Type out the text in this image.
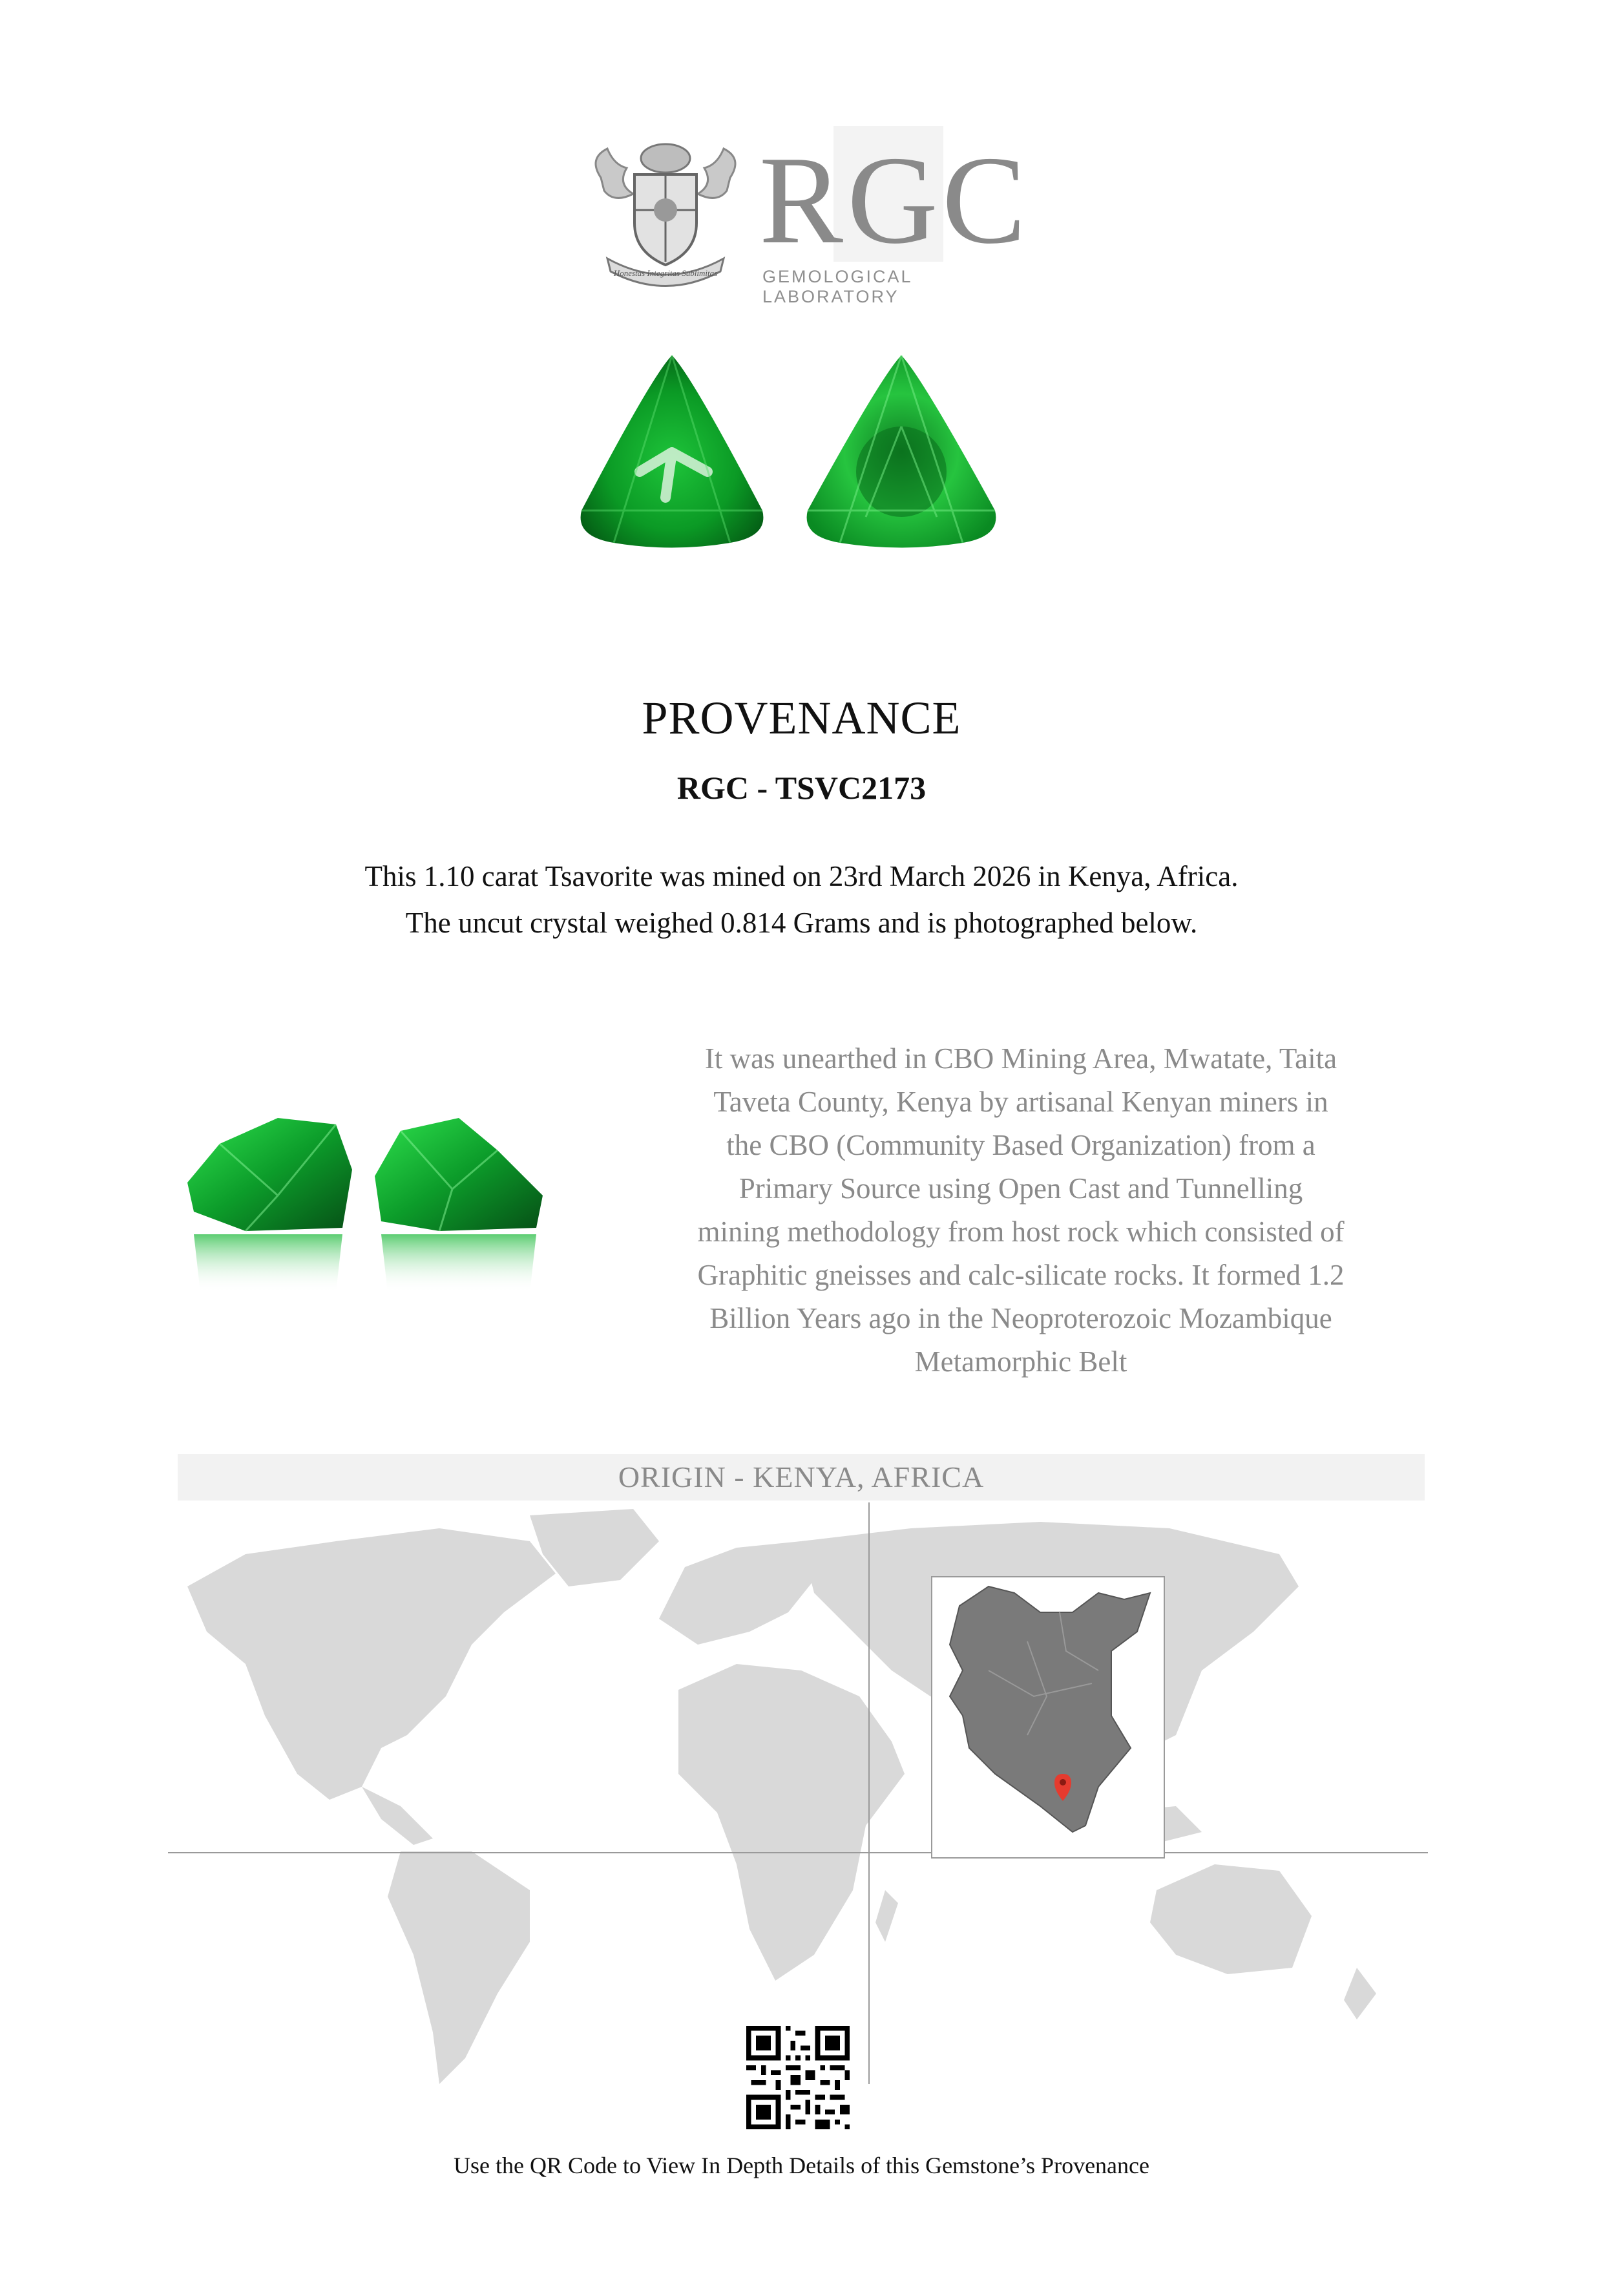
Honestas Integritas Sublimitas
RGC
GEMOLOGICAL LABORATORY
PROVENANCE
RGC - TSVC2173
This 1.10 carat Tsavorite was mined on 23rd March 2026 in Kenya, Africa.
The uncut crystal weighed 0.814 Grams and is photographed below.
It was unearthed in CBO Mining Area, Mwatate, Taita
Taveta County, Kenya by artisanal Kenyan miners in
the CBO (Community Based Organization) from a
Primary Source using Open Cast and Tunnelling
mining methodology from host rock which consisted of
Graphitic gneisses and calc-silicate rocks. It formed 1.2
Billion Years ago in the Neoproterozoic Mozambique
Metamorphic Belt
ORIGIN - KENYA, AFRICA
Use the QR Code to View In Depth Details of this Gemstone’s Provenance
